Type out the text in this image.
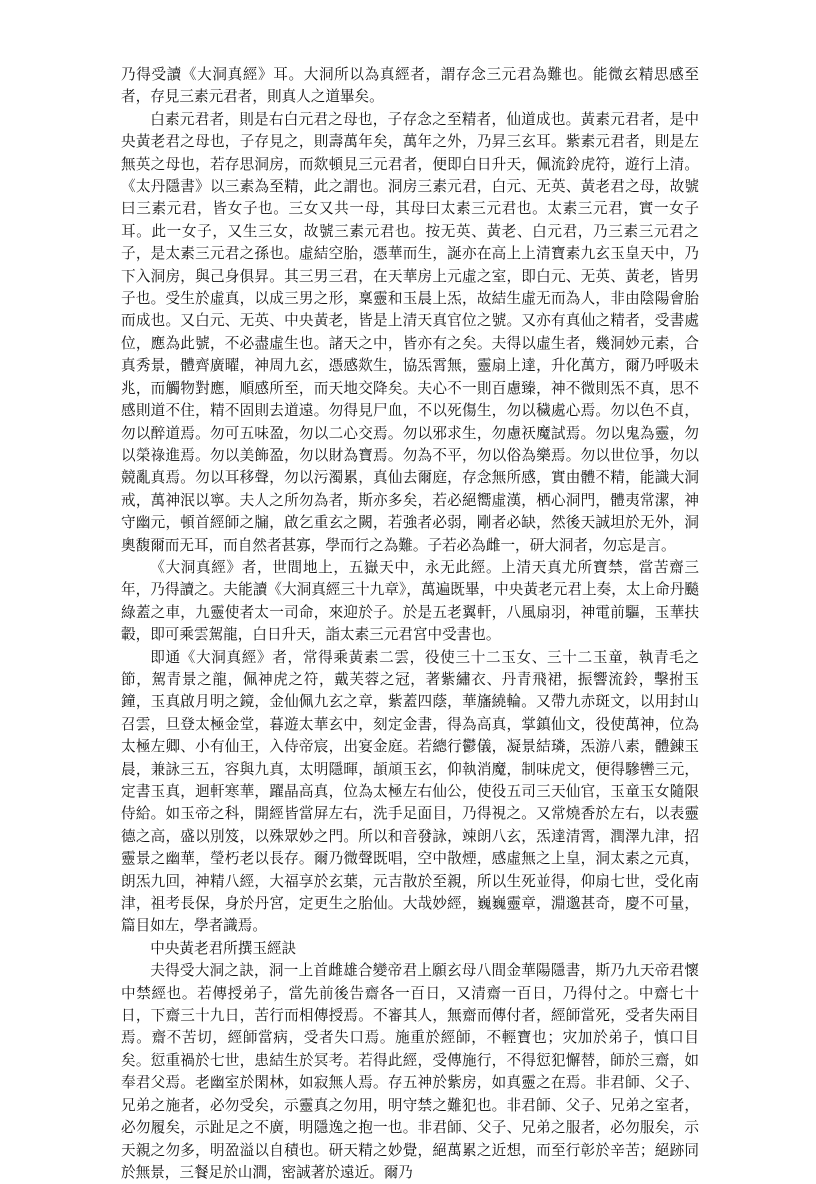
乃得受讀《大洞真經》耳。大洞所以為真經者，謂存念三元君為難也。能微玄精思感至者，存見三素元君者，則真人之道畢矣。

白素元君者，則是右白元君之母也，子存念之至精者，仙道成也。黃素元君者，是中央黃老君之母也，子存見之，則壽萬年矣，萬年之外，乃昇三玄耳。紫素元君者，則是左無英之母也，若存思洞房，而欻頓見三元君者，便即白日升天，佩流鈴虎符，遊行上清。《太丹隱書》以三素為至精，此之謂也。洞房三素元君，白元、无英、黃老君之母，故號曰三素元君，皆女子也。三女又共一母，其母曰太素三元君也。太素三元君，實一女子耳。此一女子，又生三女，故號三素元君也。按无英、黃老、白元君，乃三素三元君之子，是太素三元君之孫也。虛結空胎，憑華而生，誕亦在高上上清寶素九玄玉皇天中，乃下入洞房，與己身俱昇。其三男三君，在天華房上元虛之室，即白元、无英、黃老，皆男子也。受生於虛真，以成三男之形，稟靈和玉晨上炁，故結生虛无而為人，非由陰陽會胎而成也。又白元、无英、中央黃老，皆是上清天真官位之號。又亦有真仙之精者，受書處位，應為此號，不必盡虛生也。諸天之中，皆亦有之矣。夫得以虛生者，幾洞妙元素，合真秀景，體齊廣曜，神周九玄，憑感欻生，協炁霄無，靈扇上達，升化萬方，爾乃呼吸未兆，而觸物對應，順感所至，而天地交降矣。夫心不一則百慮臻，神不微則炁不真，思不感則道不住，精不固則去道遠。勿得見尸血，不以死傷生，勿以穢處心焉。勿以色不貞，勿以醉道焉。勿可五味盈，勿以二心交焉。勿以邪求生，勿慮祆魔試焉。勿以鬼為靈，勿以榮祿進焉。勿以美飾盈，勿以財為寶焉。勿為不平，勿以俗為樂焉。勿以世位爭，勿以競亂真焉。勿以耳移聲，勿以污濁累，真仙去爾庭，存念無所感，實由體不精，能識大洞戒，萬神泯以寧。夫人之所勿為者，斯亦多矣，若必絕嚮虛漢，栖心洞門，體夷常潔，神守幽元，頓首經師之牖，啟乞重玄之闕，若強者必弱，剛者必缺，然後天誠坦於无外，洞奧馥爾而无耳，而自然者甚寡，學而行之為難。子若必為雌一，研大洞者，勿忘是言。

《大洞真經》者，世間地上，五嶽天中，永无此經。上清天真尤所寶禁，當苦齋三年，乃得讀之。夫能讀《大洞真經三十九章》，萬遍既畢，中央黃老元君上奏，太上命丹飈綠蓋之車，九靈使者太一司命，來迎於子。於是五老翼軒，八風扇羽，神電前驅，玉華扶轂，即可乘雲駕龍，白日升天，詣太素三元君宮中受書也。

即通《大洞真經》者，常得乘黃素二雲，役使三十二玉女、三十二玉童，執青毛之節，駕青景之龍，佩神虎之符，戴芙蓉之冠，著紫繡衣、丹青飛裙，振響流鈴，擊拊玉鐘，玉真啟月明之鏡，金仙佩九玄之章，紫蓋四蔭，華旛繞輪。又帶九赤斑文，以用封山召雲，旦登太極金堂，暮遊太華玄中，刻定金書，得為高真，掌鎮仙文，役使萬神，位為太極左卿、小有仙王，入侍帝宸，出宴金庭。若總行鬱儀，凝景結璘，炁游八素，體錬玉晨，兼詠三五，容與九真，太明隱暉，頡頏玉玄，仰執消魔，制味虎文，便得驂轡三元，定書玉真，迴軒寒華，躍晶高真，位為太極左右仙公，使役五司三天仙官，玉童玉女隨限侍給。如玉帝之科，開經皆當屏左右，洗手足面目，乃得視之。又常燒香於左右，以表靈德之高，盛以別笈，以殊眾妙之門。所以和音發詠，竦朗八玄，炁達清霄，潤澤九津，招靈景之幽華，瑩朽老以長存。爾乃微聲既唱，空中散煙，感虛無之上皇，洞太素之元真，朗炁九回，神精八經，大福享於玄葉，元吉散於至親，所以生死並得，仰扇七世，受化南津，祖考長保，身於丹宮，定更生之胎仙。大哉妙經，巍巍靈章，淵邈甚奇，慶不可量，篇目如左，學者識焉。

中央黃老君所撰玉經訣

夫得受大洞之訣，洞一上首雌雄合變帝君上願玄母八間金華陽隱書，斯乃九天帝君懷中禁經也。若傳授弟子，當先前後告齋各一百日，又清齋一百日，乃得付之。中齋七十日，下齋三十九日，苦行而相傳授焉。不審其人，無齋而傳付者，經師當死，受者失兩目焉。齋不苦切，經師當病，受者失口焉。施重於經師，不輕寶也；灾加於弟子，慎口目矣。愆重禍於七世，患結生於冥考。若得此經，受傳施行，不得愆犯懈替，師於三齋，如奉君父焉。老幽室於閑林，如寂無人焉。存五神於紫房，如真靈之在焉。非君師、父子、兄弟之施者，必勿受矣，示靈真之勿用，明守禁之難犯也。非君師、父子、兄弟之室者，必勿履矣，示趾足之不廣，明隱逸之抱一也。非君師、父子、兄弟之服者，必勿服矣，示天親之勿多，明盈溢以自積也。研天精之妙覺，絕萬累之近想，而至行彰於辛苦；絕跡同於無景，三餐足於山澗，密誠著於遠近。爾乃
